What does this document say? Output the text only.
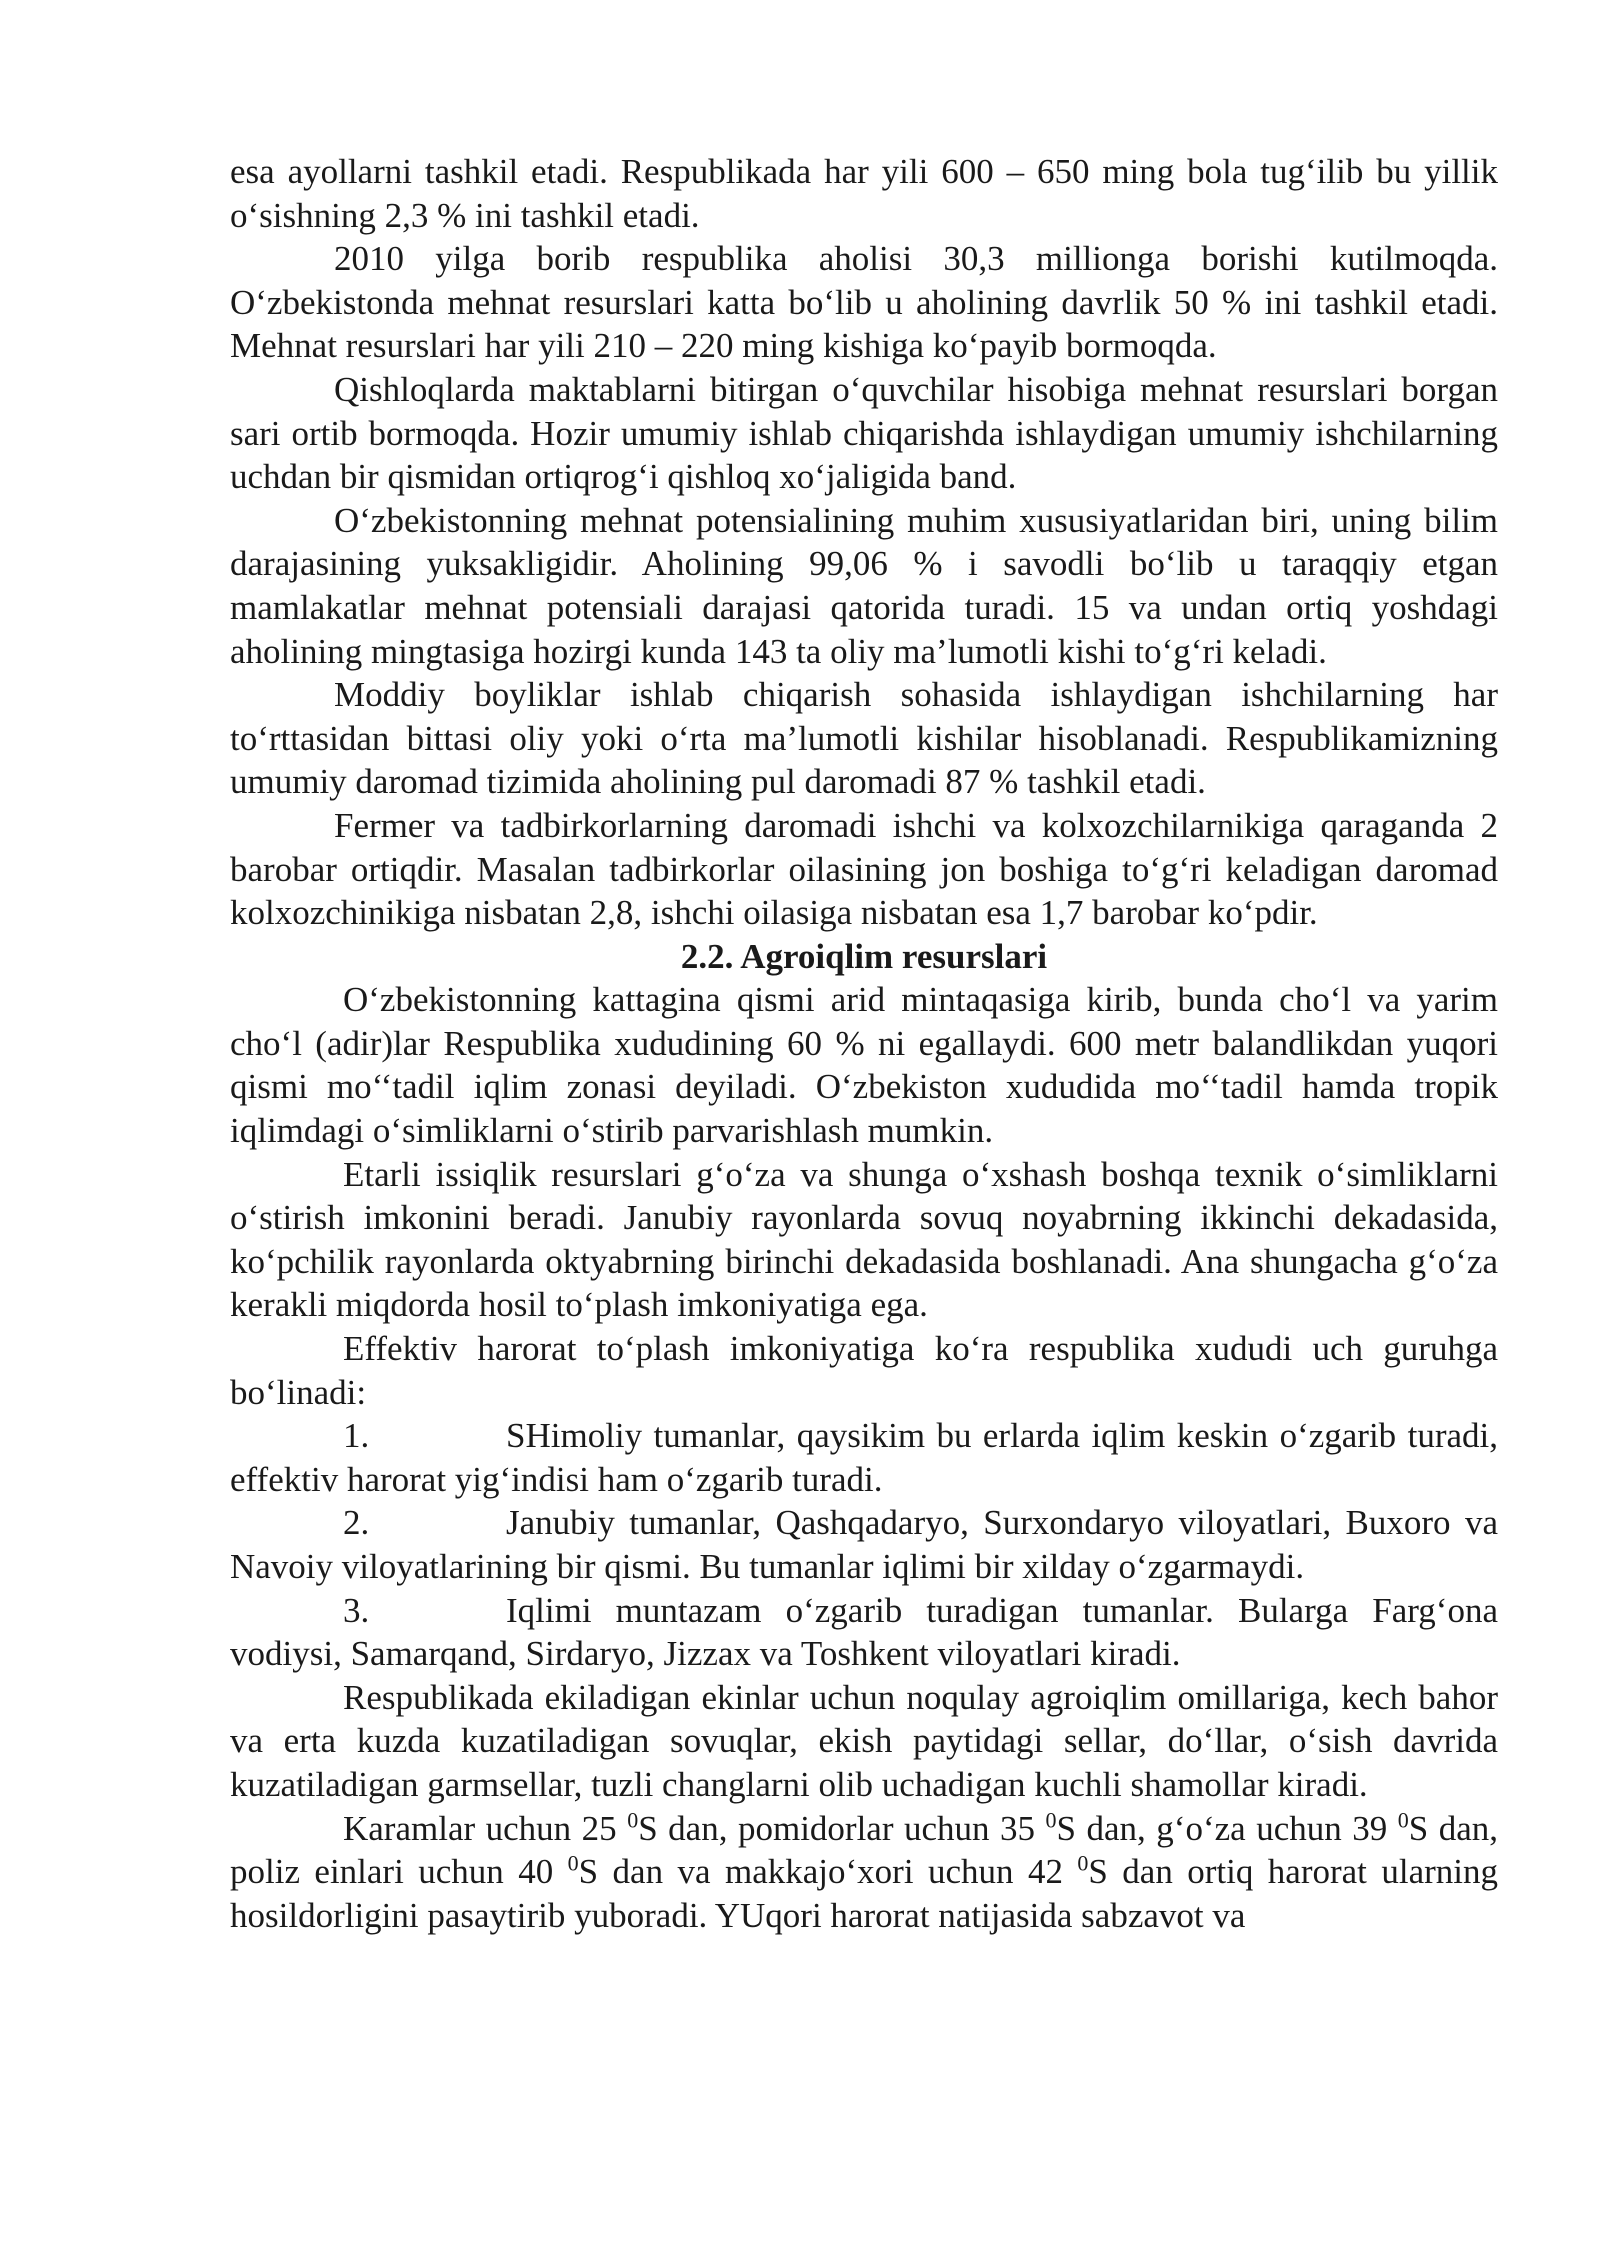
esa ayollarni tashkil etadi. Respublikada har yili 600 – 650 ming bola tug‘ilib bu yillik o‘sishning 2,3 % ini tashkil etadi.

2010 yilga borib respublika aholisi 30,3 millionga borishi kutilmoqda. O‘zbekistonda mehnat resurslari katta bo‘lib u aholining davrlik 50 % ini tashkil etadi. Mehnat resurslari har yili 210 – 220 ming kishiga ko‘payib bormoqda.

Qishloqlarda maktablarni bitirgan o‘quvchilar hisobiga mehnat resurslari borgan sari ortib bormoqda. Hozir umumiy ishlab chiqarishda ishlaydigan umumiy ishchilarning uchdan bir qismidan ortiqrog‘i qishloq xo‘jaligida band.

O‘zbekistonning mehnat potensialining muhim xususiyatlaridan biri, uning bilim darajasining yuksakligidir. Aholining 99,06 % i savodli bo‘lib u taraqqiy etgan mamlakatlar mehnat potensiali darajasi qatorida turadi. 15 va undan ortiq yoshdagi aholining mingtasiga hozirgi kunda 143 ta oliy ma’lumotli kishi to‘g‘ri keladi.

Moddiy boyliklar ishlab chiqarish sohasida ishlaydigan ishchilarning har to‘rttasidan bittasi oliy yoki o‘rta ma’lumotli kishilar hisoblanadi. Respublikamizning umumiy daromad tizimida aholining pul daromadi 87 % tashkil etadi.

Fermer va tadbirkorlarning daromadi ishchi va kolxozchilarnikiga qaraganda 2 barobar ortiqdir. Masalan tadbirkorlar oilasining jon boshiga to‘g‘ri keladigan daromad kolxozchinikiga nisbatan 2,8, ishchi oilasiga nisbatan esa 1,7 barobar ko‘pdir.

2.2. Agroiqlim resurslari

O‘zbekistonning kattagina qismi arid mintaqasiga kirib, bunda cho‘l va yarim cho‘l (adir)lar Respublika xududining 60 % ni egallaydi. 600 metr balandlikdan yuqori qismi mo‘‘tadil iqlim zonasi deyiladi. O‘zbekiston xududida mo‘‘tadil hamda tropik iqlimdagi o‘simliklarni o‘stirib parvarishlash mumkin.

Etarli issiqlik resurslari g‘o‘za va shunga o‘xshash boshqa texnik o‘simliklarni o‘stirish imkonini beradi. Janubiy rayonlarda sovuq noyabrning ikkinchi dekadasida, ko‘pchilik rayonlarda oktyabrning birinchi dekadasida boshlanadi. Ana shungacha g‘o‘za kerakli miqdorda hosil to‘plash imkoniyatiga ega.

Effektiv harorat to‘plash imkoniyatiga ko‘ra respublika xududi uch guruhga bo‘linadi:

1.	SHimoliy tumanlar, qaysikim bu erlarda iqlim keskin o‘zgarib turadi, effektiv harorat yig‘indisi ham o‘zgarib turadi.

2.	Janubiy tumanlar, Qashqadaryo, Surxondaryo viloyatlari, Buxoro va Navoiy viloyatlarining bir qismi. Bu tumanlar iqlimi bir xilday o‘zgarmaydi.

3.	Iqlimi muntazam o‘zgarib turadigan tumanlar. Bularga Farg‘ona vodiysi, Samarqand, Sirdaryo, Jizzax va Toshkent viloyatlari kiradi.

Respublikada ekiladigan ekinlar uchun noqulay agroiqlim omillariga, kech bahor va erta kuzda kuzatiladigan sovuqlar, ekish paytidagi sellar, do‘llar, o‘sish davrida kuzatiladigan garmsellar, tuzli changlarni olib uchadigan kuchli shamollar kiradi.

Karamlar uchun 25 $^0$S dan, pomidorlar uchun 35 $^0$S dan, g‘o‘za uchun 39 $^0$S dan, poliz einlari uchun 40 $^0$S dan va makkajo‘xori uchun 42 $^0$S dan ortiq harorat ularning hosildorligini pasaytirib yuboradi. YUqori harorat natijasida sabzavot va
